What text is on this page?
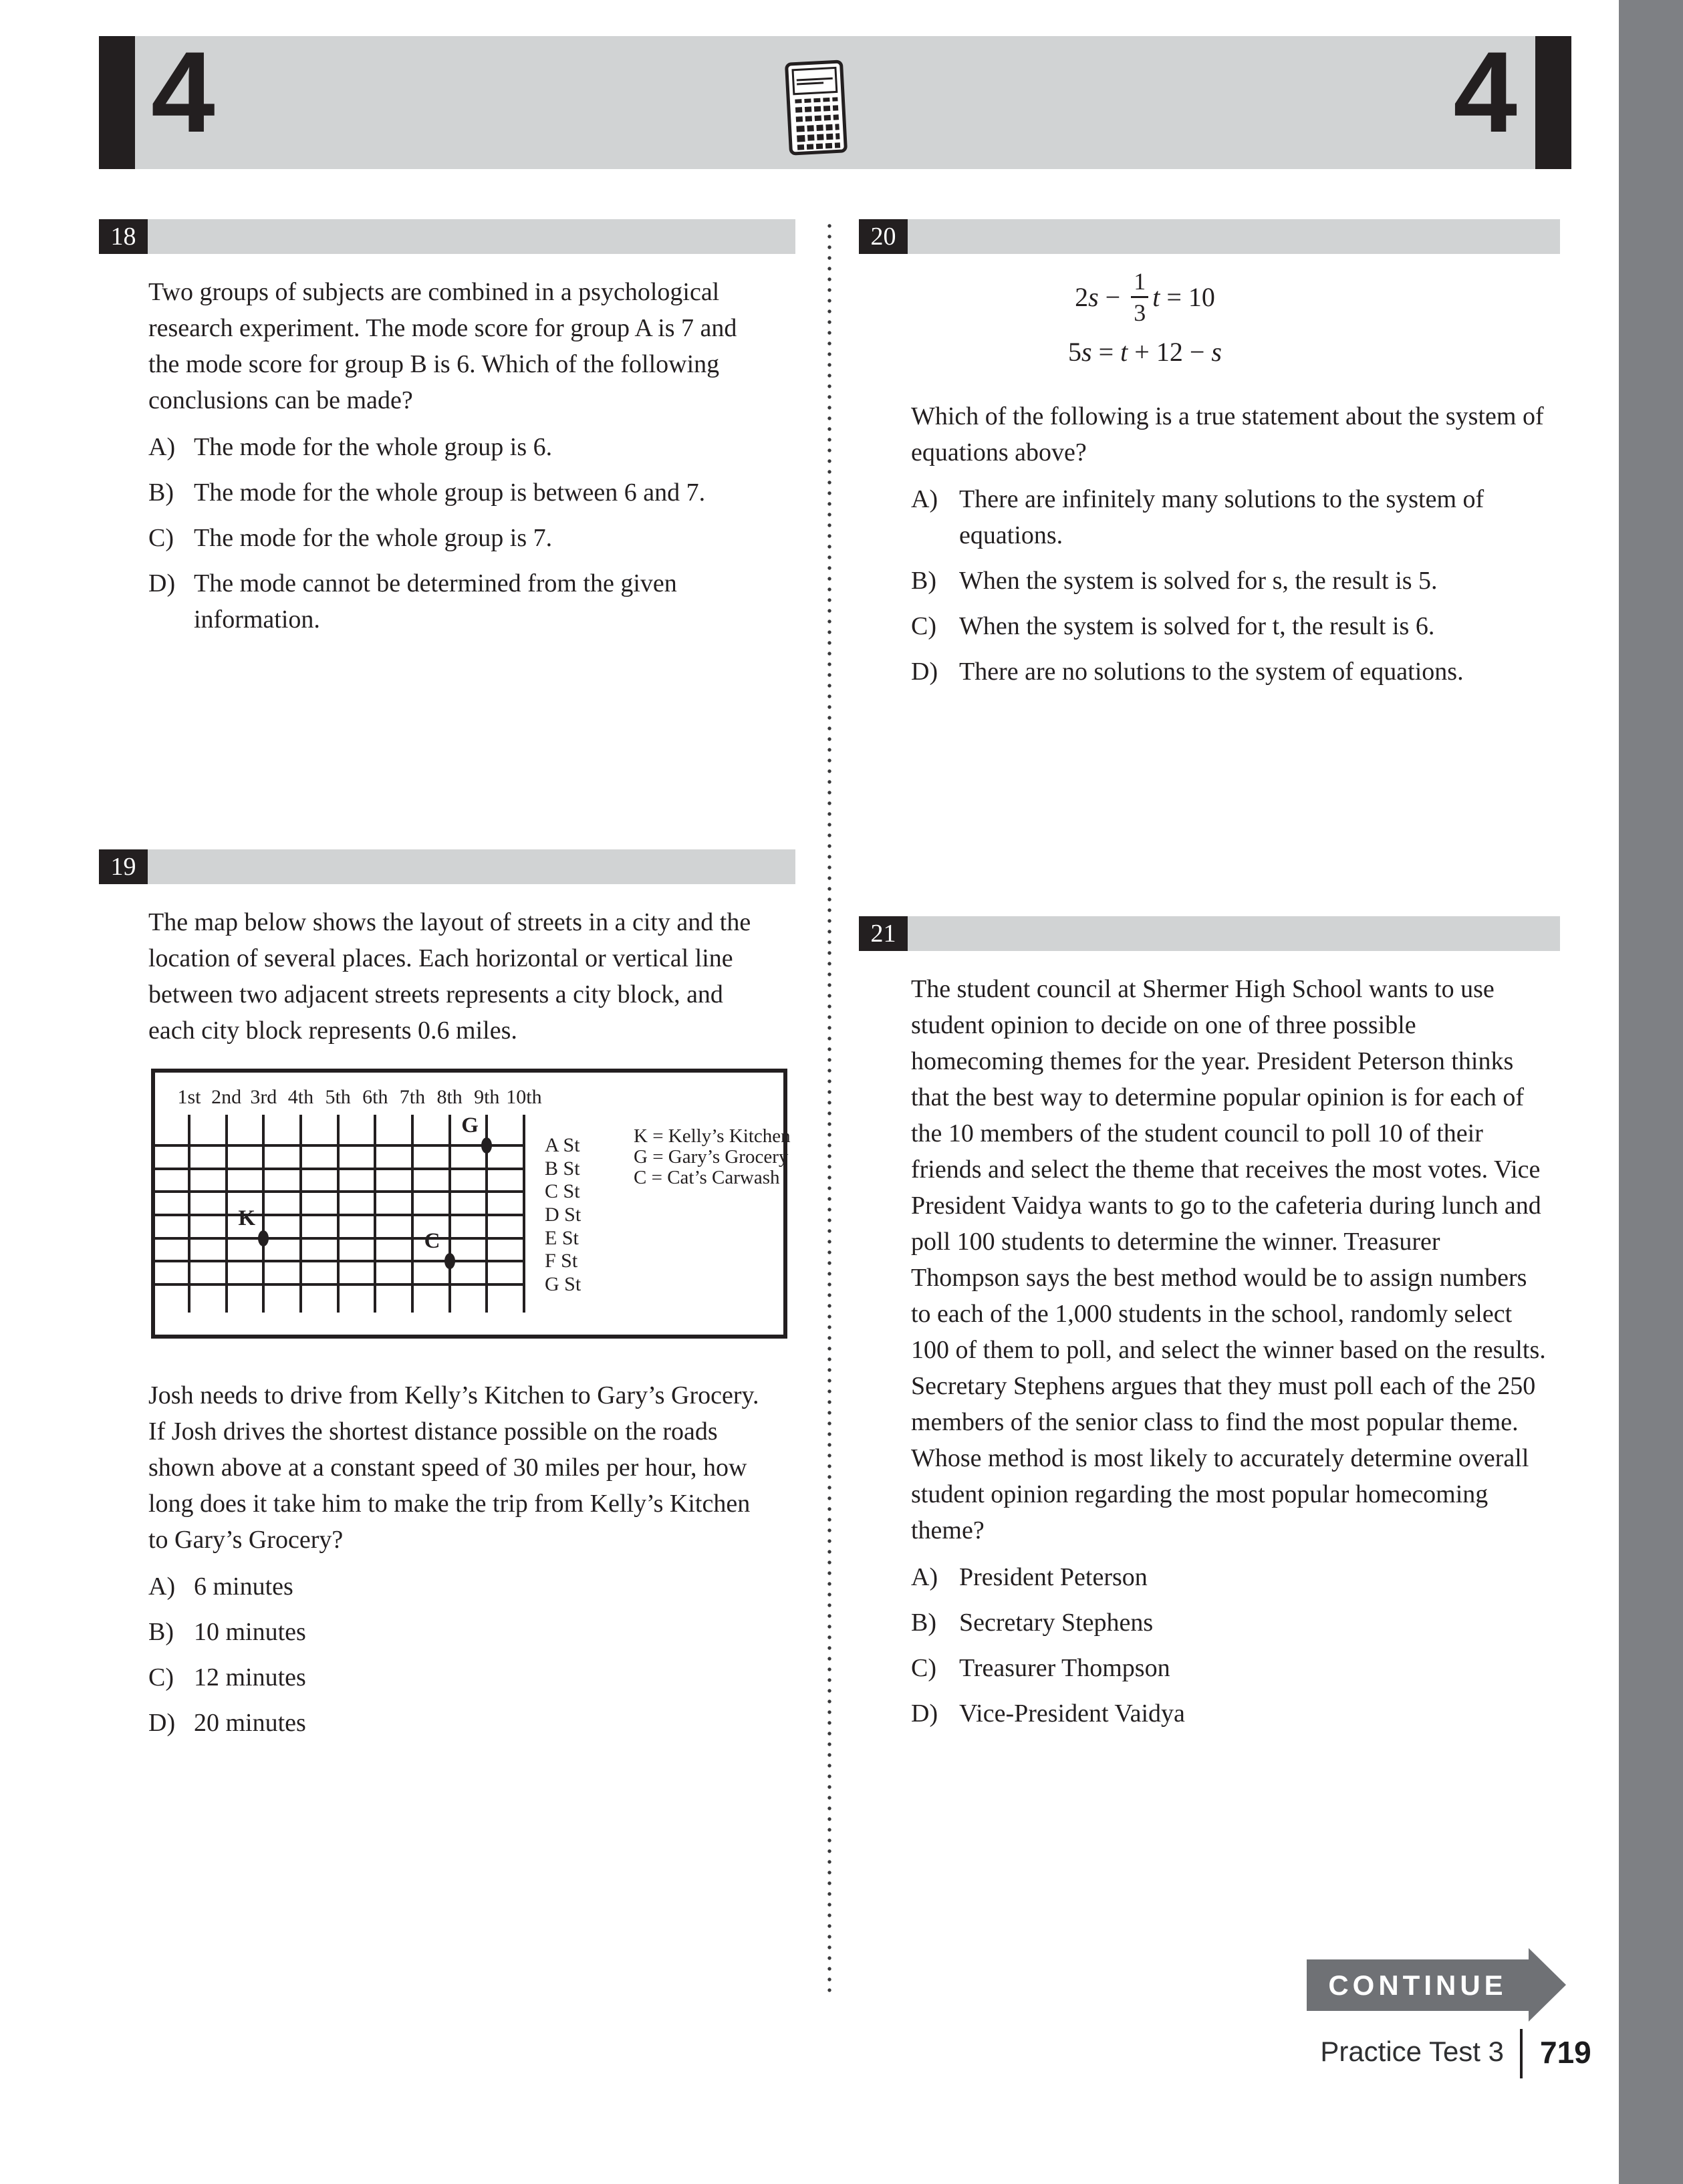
4	4
18

Two groups of subjects are combined in a psychological research experiment. The mode score for group A is 7 and the mode score for group B is 6. Which of the following conclusions can be made?

A) The mode for the whole group is 6.
B) The mode for the whole group is between 6 and 7.
C) The mode for the whole group is 7.
D) The mode cannot be determined from the given information.
19

The map below shows the layout of streets in a city and the location of several places. Each horizontal or vertical line between two adjacent streets represents a city block, and each city block represents 0.6 miles.

1st 2nd 3rd 4th 5th 6th 7th 8th 9th 10th
A St
B St
C St
D St
E St
F St
G St
K = Kelly’s Kitchen
G = Gary’s Grocery
C = Cat’s Carwash
G
K
C

Josh needs to drive from Kelly’s Kitchen to Gary’s Grocery. If Josh drives the shortest distance possible on the roads shown above at a constant speed of 30 miles per hour, how long does it take him to make the trip from Kelly’s Kitchen to Gary’s Grocery?

A) 6 minutes
B) 10 minutes
C) 12 minutes
D) 20 minutes
20
2 $s - \frac{1}{3}$ t = 10
5 s = t + 12 − s

Which of the following is a true statement about the system of equations above?

A) There are infinitely many solutions to the system of equations.
B) When the system is solved for s, the result is 5.
C) When the system is solved for t, the result is 6.
D) There are no solutions to the system of equations.
21

The student council at Shermer High School wants to use student opinion to decide on one of three possible homecoming themes for the year. President Peterson thinks that the best way to determine popular opinion is for each of the 10 members of the student council to poll 10 of their friends and select the theme that receives the most votes. Vice President Vaidya wants to go to the cafeteria during lunch and poll 100 students to determine the winner. Treasurer Thompson says the best method would be to assign numbers to each of the 1,000 students in the school, randomly select 100 of them to poll, and select the winner based on the results. Secretary Stephens argues that they must poll each of the 250 members of the senior class to find the most popular theme. Whose method is most likely to accurately determine overall student opinion regarding the most popular homecoming theme?

A) President Peterson
B) Secretary Stephens
C) Treasurer Thompson
D) Vice-President Vaidya
CONTINUE
Practice Test 3 719
